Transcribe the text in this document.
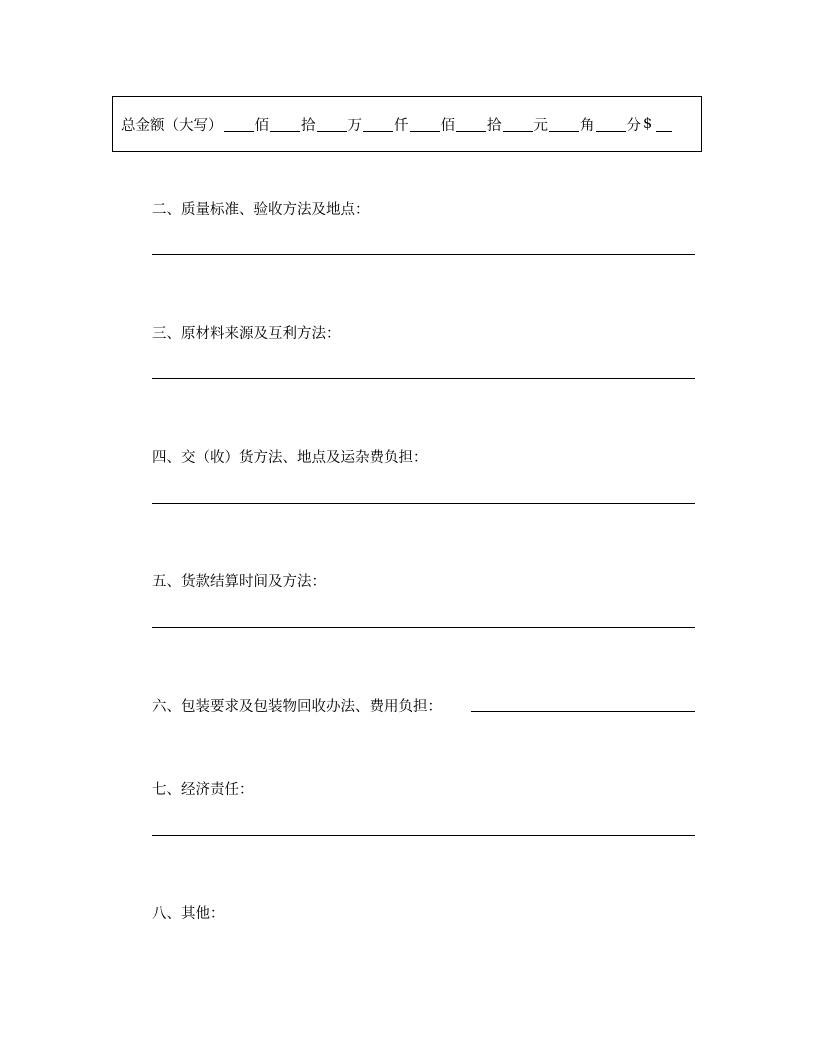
总金额（大写） 佰 拾 万 仟 佰 拾 元 角 分 $
二、质量标准、验收方法及地点：
三、原材料来源及互利方法：
四、交（收）货方法、地点及运杂费负担：
五、货款结算时间及方法：
六、包装要求及包装物回收办法、费用负担：
七、经济责任：
八、其他：
